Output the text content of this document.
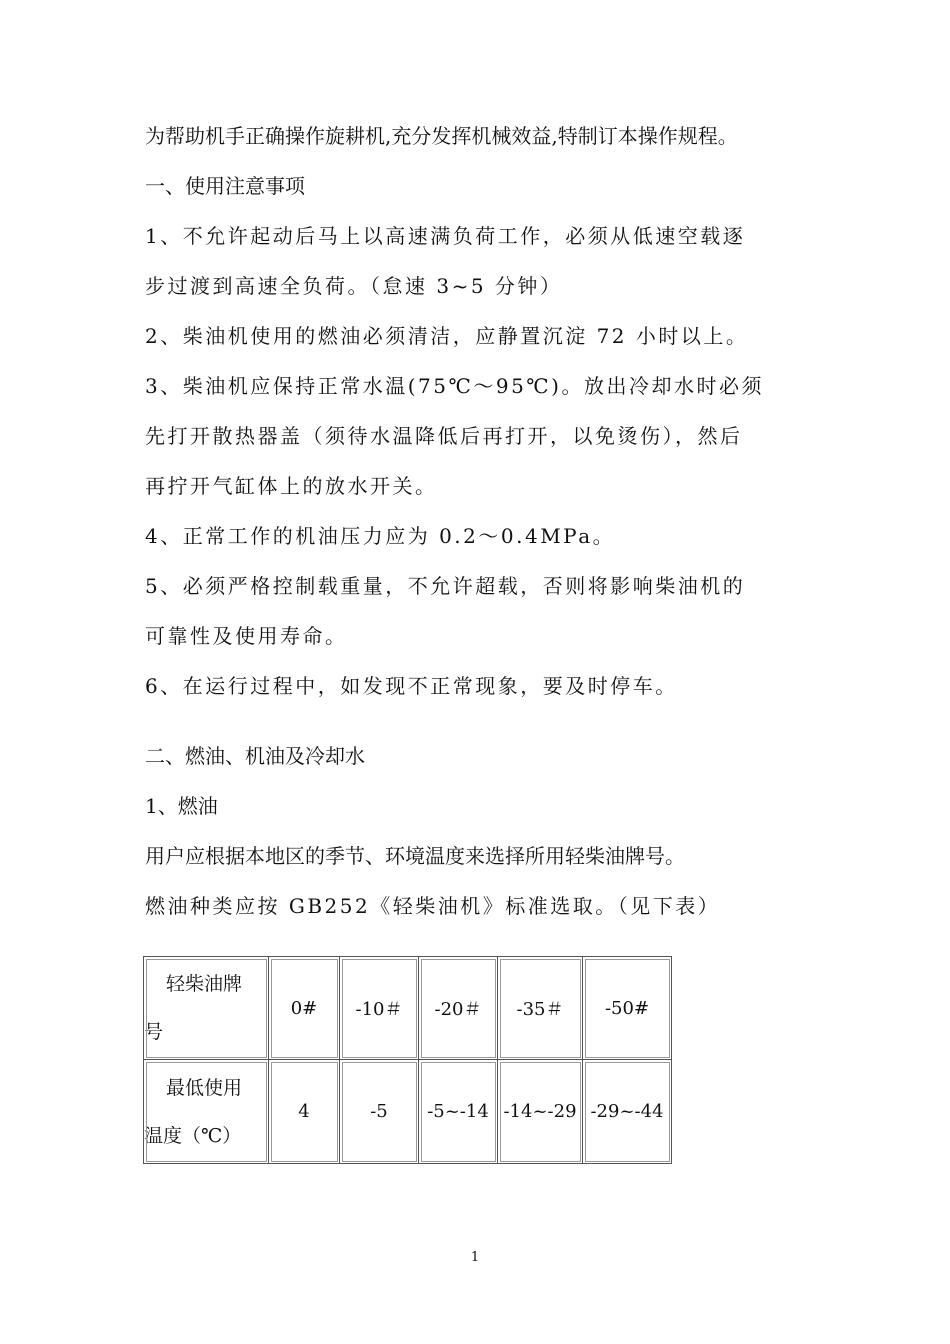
为帮助机手正确操作旋耕机,充分发挥机械效益,特制订本操作规程。

一、使用注意事项

1、不允许起动后马上以高速满负荷工作，必须从低速空载逐

步过渡到高速全负荷。（怠速 3~5 分钟）

2、柴油机使用的燃油必须清洁，应静置沉淀 72 小时以上。

3、柴油机应保持正常水温(75℃～95℃)。放出冷却水时必须

先打开散热器盖（须待水温降低后再打开，以免烫伤），然后

再拧开气缸体上的放水开关。

4、正常工作的机油压力应为 0.2～0.4MPa。

5、必须严格控制载重量，不允许超载，否则将影响柴油机的

可靠性及使用寿命。

6、在运行过程中，如发现不正常现象，要及时停车。

二、燃油、机油及冷却水

1、燃油

用户应根据本地区的季节、环境温度来选择所用轻柴油牌号。

燃油种类应按 GB252《轻柴油机》标准选取。（见下表）

轻柴油牌
号	0#	-10＃	-20＃	-35＃	-50#

最低使用
温度（℃）	4	-5	-5~-14	-14~-29	-29~-44
1
